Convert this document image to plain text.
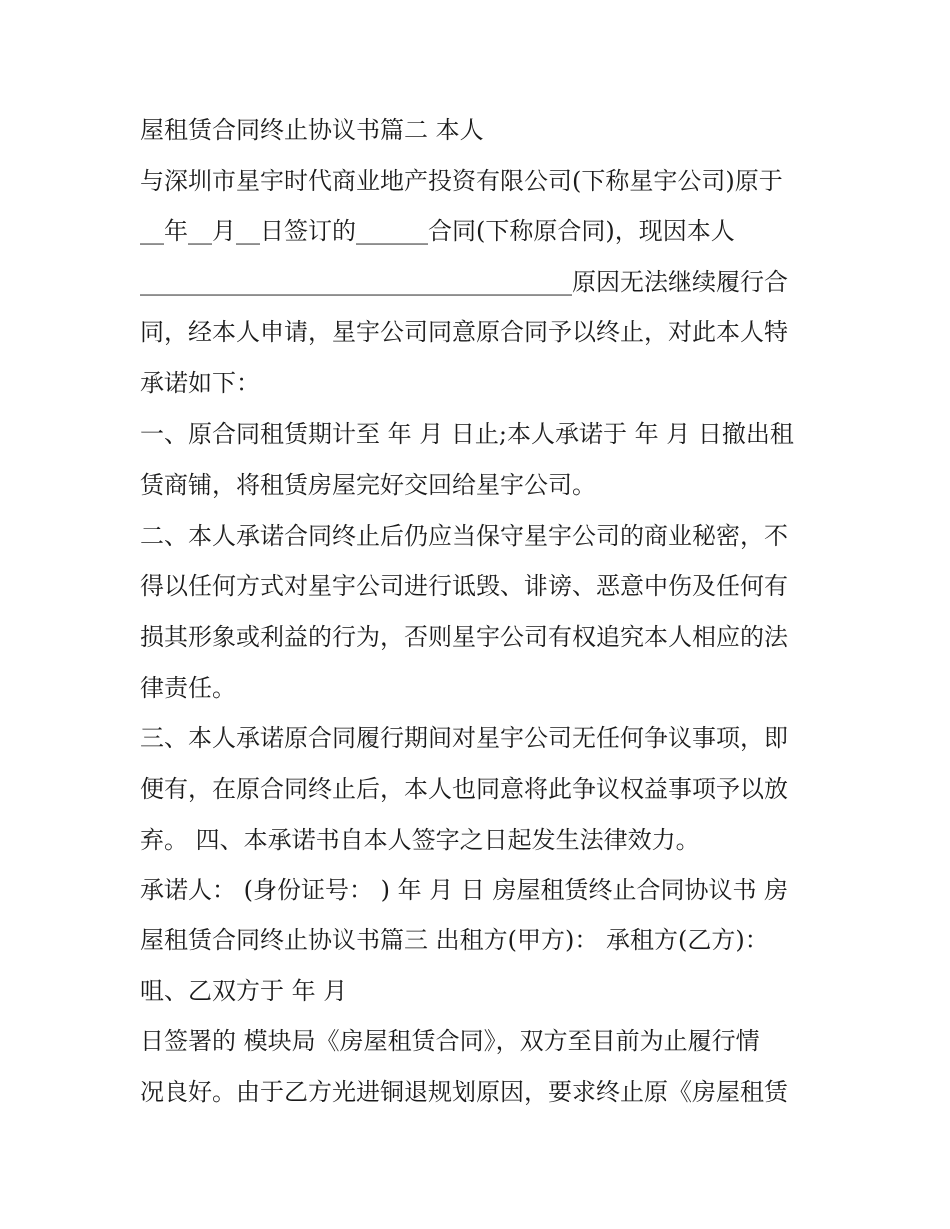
屋租赁合同终止协议书篇二 本人
与深圳市星宇时代商业地产投资有限公司(下称星宇公司)原于
__年__月__日签订的______合同(下称原合同)，现因本人
____________________________________原因无法继续履行合
同，经本人申请，星宇公司同意原合同予以终止，对此本人特
承诺如下：
一、原合同租赁期计至 年 月 日止;本人承诺于 年 月 日撤出租
赁商铺，将租赁房屋完好交回给星宇公司。
二、本人承诺合同终止后仍应当保守星宇公司的商业秘密，不
得以任何方式对星宇公司进行诋毁、诽谤、恶意中伤及任何有
损其形象或利益的行为，否则星宇公司有权追究本人相应的法
律责任。
三、本人承诺原合同履行期间对星宇公司无任何争议事项，即
便有，在原合同终止后，本人也同意将此争议权益事项予以放
弃。 四、本承诺书自本人签字之日起发生法律效力。
承诺人： (身份证号： ) 年 月 日 房屋租赁终止合同协议书 房
屋租赁合同终止协议书篇三 出租方(甲方)： 承租方(乙方)：
咀、乙双方于 年 月
日签署的 模块局《房屋租赁合同》，双方至目前为止履行情
况良好。由于乙方光进铜退规划原因，要求终止原《房屋租赁
